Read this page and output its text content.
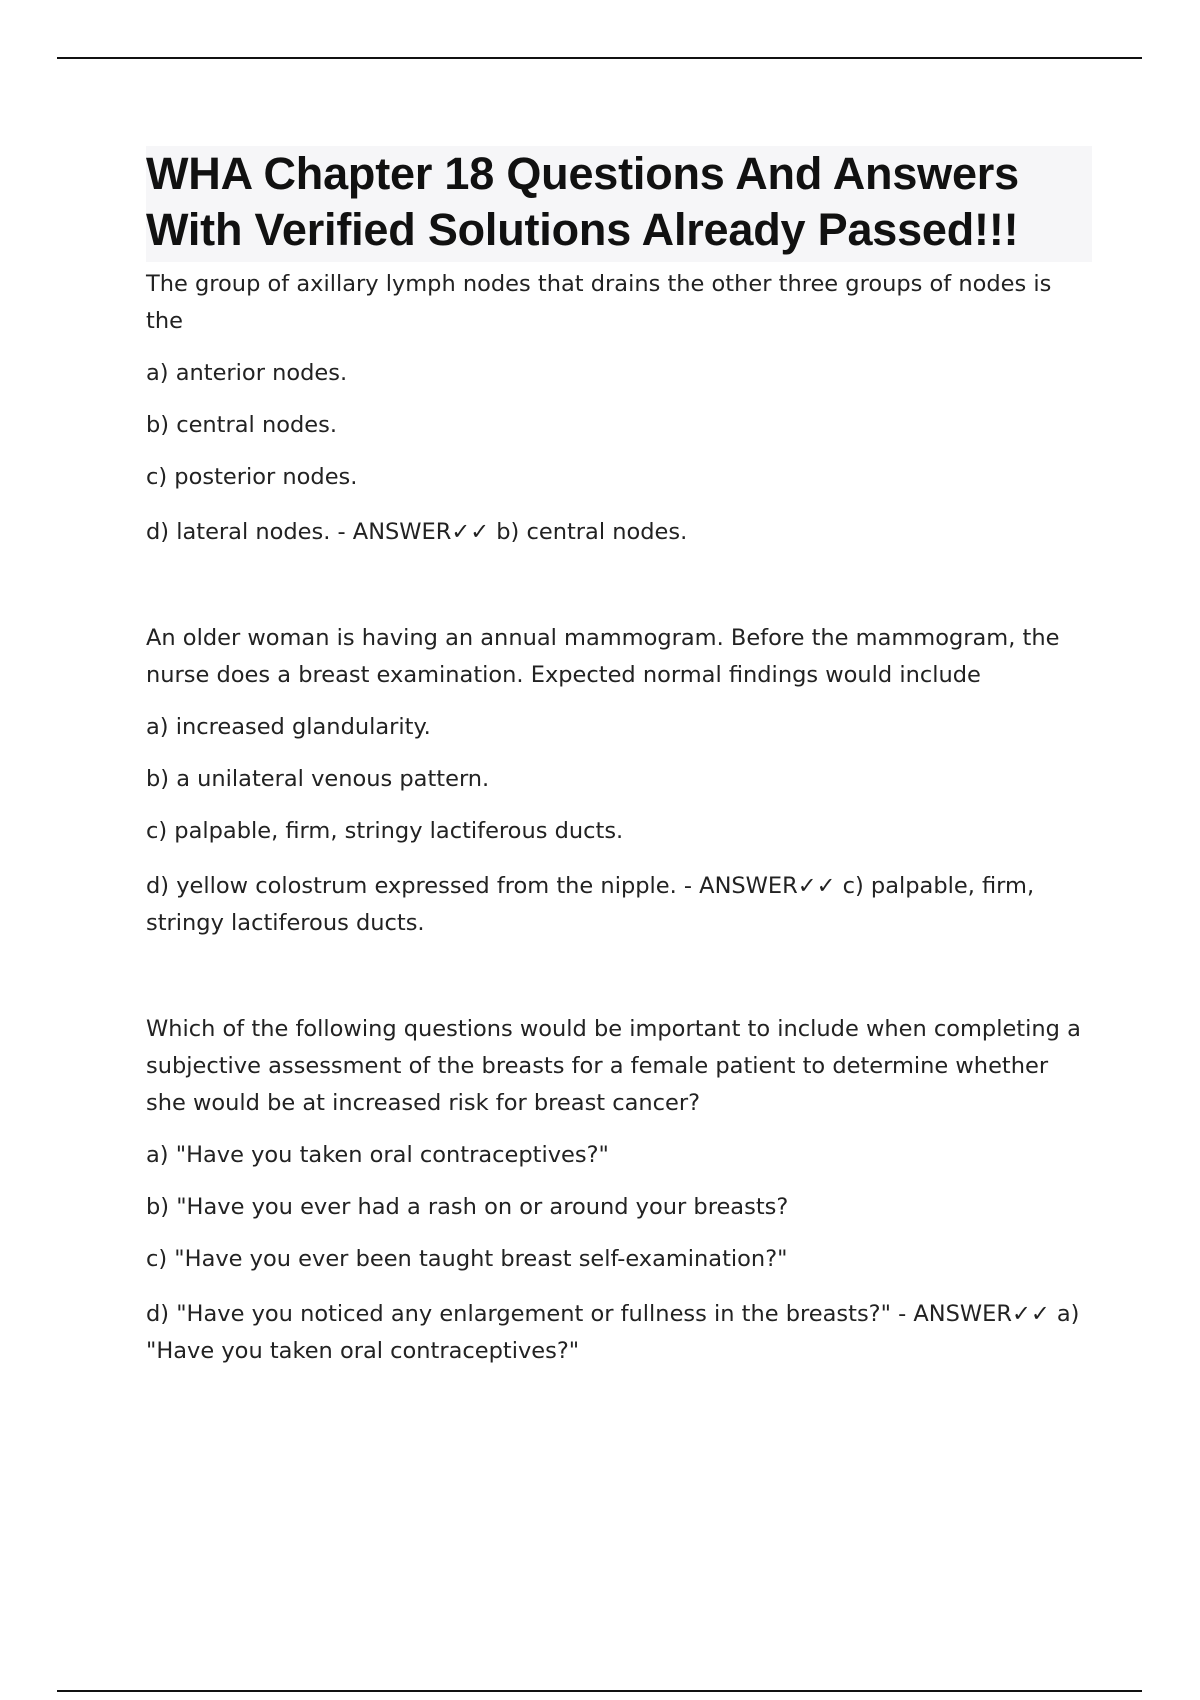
WHA Chapter 18 Questions And Answers With Verified Solutions Already Passed!!!

The group of axillary lymph nodes that drains the other three groups of nodes is the

a) anterior nodes.

b) central nodes.

c) posterior nodes.

d) lateral nodes. - ANSWER✓✓ b) central nodes.

An older woman is having an annual mammogram. Before the mammogram, the nurse does a breast examination. Expected normal findings would include

a) increased glandularity.

b) a unilateral venous pattern.

c) palpable, firm, stringy lactiferous ducts.

d) yellow colostrum expressed from the nipple. - ANSWER✓✓ c) palpable, firm, stringy lactiferous ducts.

Which of the following questions would be important to include when completing a subjective assessment of the breasts for a female patient to determine whether she would be at increased risk for breast cancer?

a) "Have you taken oral contraceptives?"

b) "Have you ever had a rash on or around your breasts?

c) "Have you ever been taught breast self-examination?"

d) "Have you noticed any enlargement or fullness in the breasts?" - ANSWER✓✓ a) "Have you taken oral contraceptives?"
